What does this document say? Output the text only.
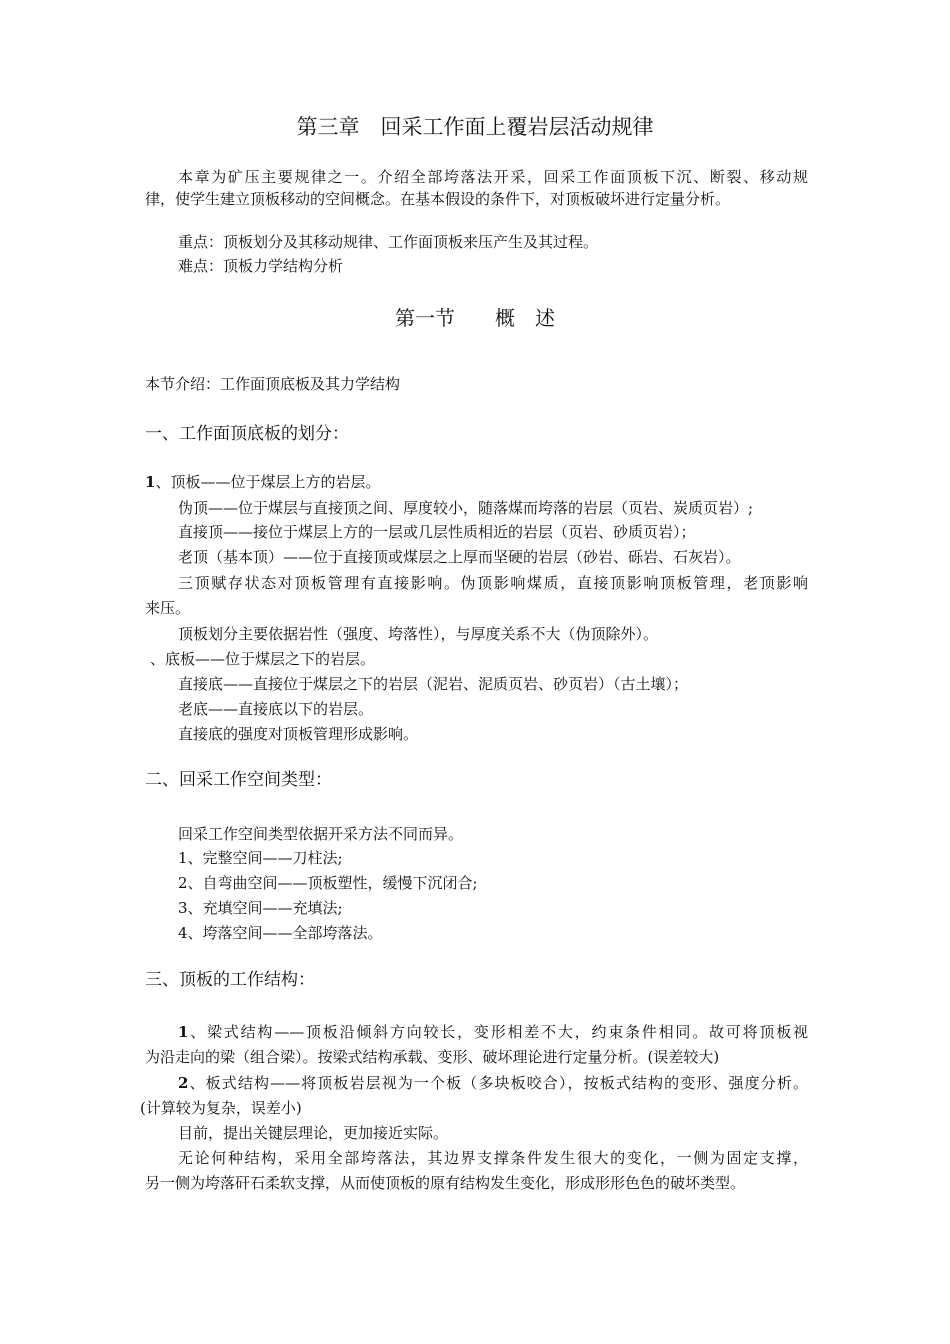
第三章　回采工作面上覆岩层活动规律
本章为矿压主要规律之一。介绍全部垮落法开采，回采工作面顶板下沉、断裂、移动规
律，使学生建立顶板移动的空间概念。在基本假设的条件下，对顶板破坏进行定量分析。
重点：顶板划分及其移动规律、工作面顶板来压产生及其过程。
难点：顶板力学结构分析
第一节　　概　述
本节介绍：工作面顶底板及其力学结构
一、工作面顶底板的划分：
1、顶板——位于煤层上方的岩层。
伪顶——位于煤层与直接顶之间、厚度较小，随落煤而垮落的岩层（页岩、炭质页岩）;
直接顶——接位于煤层上方的一层或几层性质相近的岩层（页岩、砂质页岩）；
老顶（基本顶）——位于直接顶或煤层之上厚而坚硬的岩层（砂岩、砾岩、石灰岩）。
三顶赋存状态对顶板管理有直接影响。伪顶影响煤质，直接顶影响顶板管理，老顶影响
来压。
顶板划分主要依据岩性（强度、垮落性），与厚度关系不大（伪顶除外）。
、底板——位于煤层之下的岩层。
直接底——直接位于煤层之下的岩层（泥岩、泥质页岩、砂页岩）（古土壤）；
老底——直接底以下的岩层。
直接底的强度对顶板管理形成影响。
二、回采工作空间类型：
回采工作空间类型依据开采方法不同而异。
1、完整空间——刀柱法;
2、自弯曲空间——顶板塑性，缓慢下沉闭合;
3、充填空间——充填法;
4、垮落空间——全部垮落法。
三、顶板的工作结构：
1、梁式结构——顶板沿倾斜方向较长，变形相差不大，约束条件相同。故可将顶板视
为沿走向的梁（组合梁）。按梁式结构承载、变形、破坏理论进行定量分析。(误差较大)
2、板式结构——将顶板岩层视为一个板（多块板咬合），按板式结构的变形、强度分析。
(计算较为复杂，误差小)
目前，提出关键层理论，更加接近实际。
无论何种结构，采用全部垮落法，其边界支撑条件发生很大的变化，一侧为固定支撑，
另一侧为垮落矸石柔软支撑，从而使顶板的原有结构发生变化，形成形形色色的破坏类型。
